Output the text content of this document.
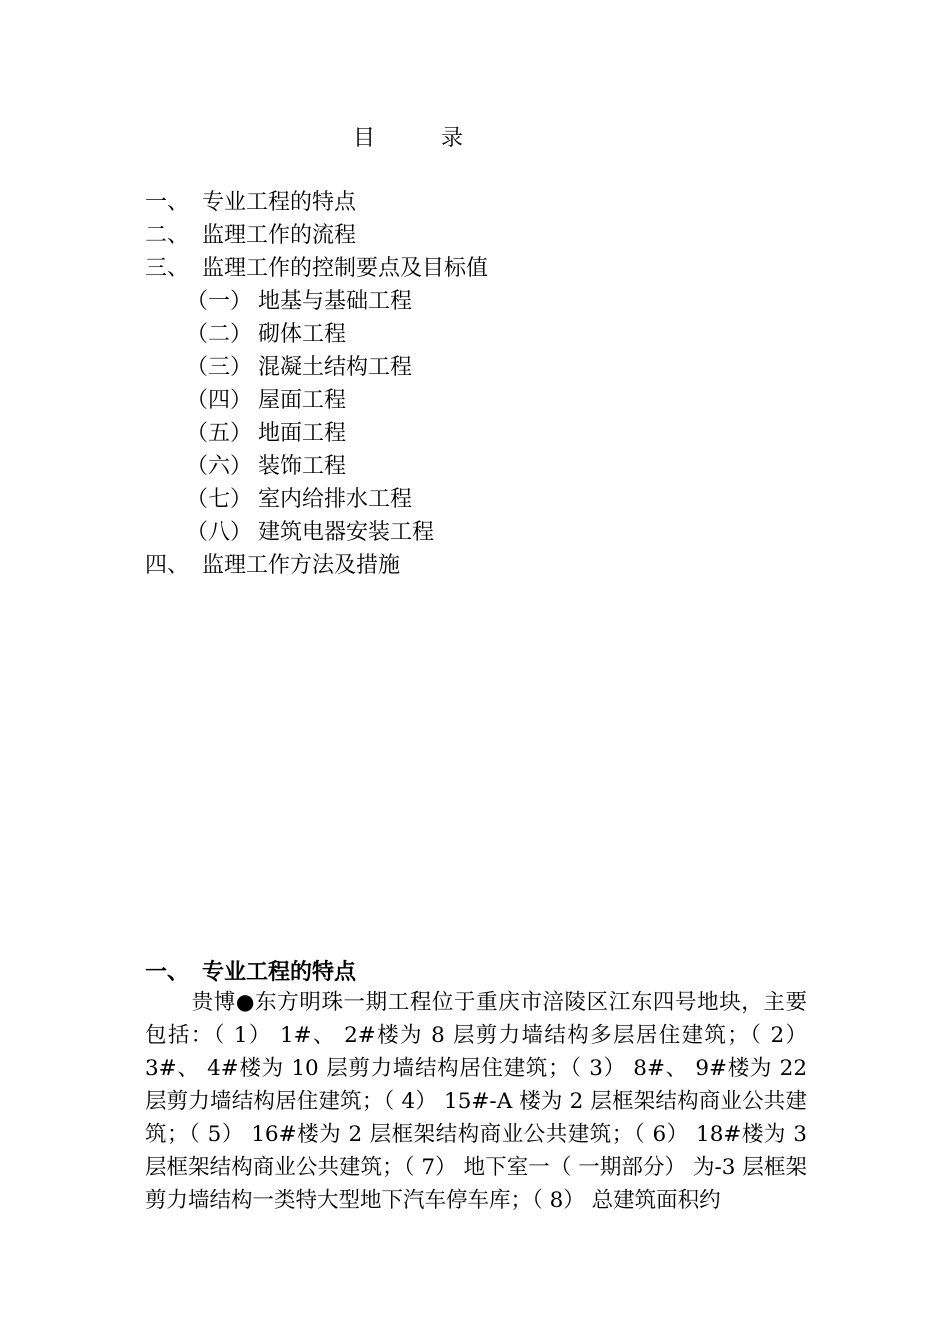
目	录
一、 专业工程的特点
二、 监理工作的流程
三、 监理工作的控制要点及目标值
（一） 地基与基础工程
（二） 砌体工程
（三） 混凝土结构工程
（四） 屋面工程
（五） 地面工程
（六） 装饰工程
（七） 室内给排水工程
（八） 建筑电器安装工程
四、 监理工作方法及措施
一、 专业工程的特点
贵博●东方明珠一期工程位于重庆市涪陵区江东四号地块，主要包括：（ 1） 1#、 2#楼为 8 层剪力墙结构多层居住建筑；（ 2） 3#、 4#楼为 10 层剪力墙结构居住建筑；（ 3） 8#、 9#楼为 22 层剪力墙结构居住建筑；（ 4） 15#-A 楼为 2 层框架结构商业公共建筑；（ 5） 16#楼为 2 层框架结构商业公共建筑；（ 6） 18#楼为 3 层框架结构商业公共建筑；（ 7） 地下室一（ 一期部分） 为-3 层框架剪力墙结构一类特大型地下汽车停车库；（ 8） 总建筑面积约
